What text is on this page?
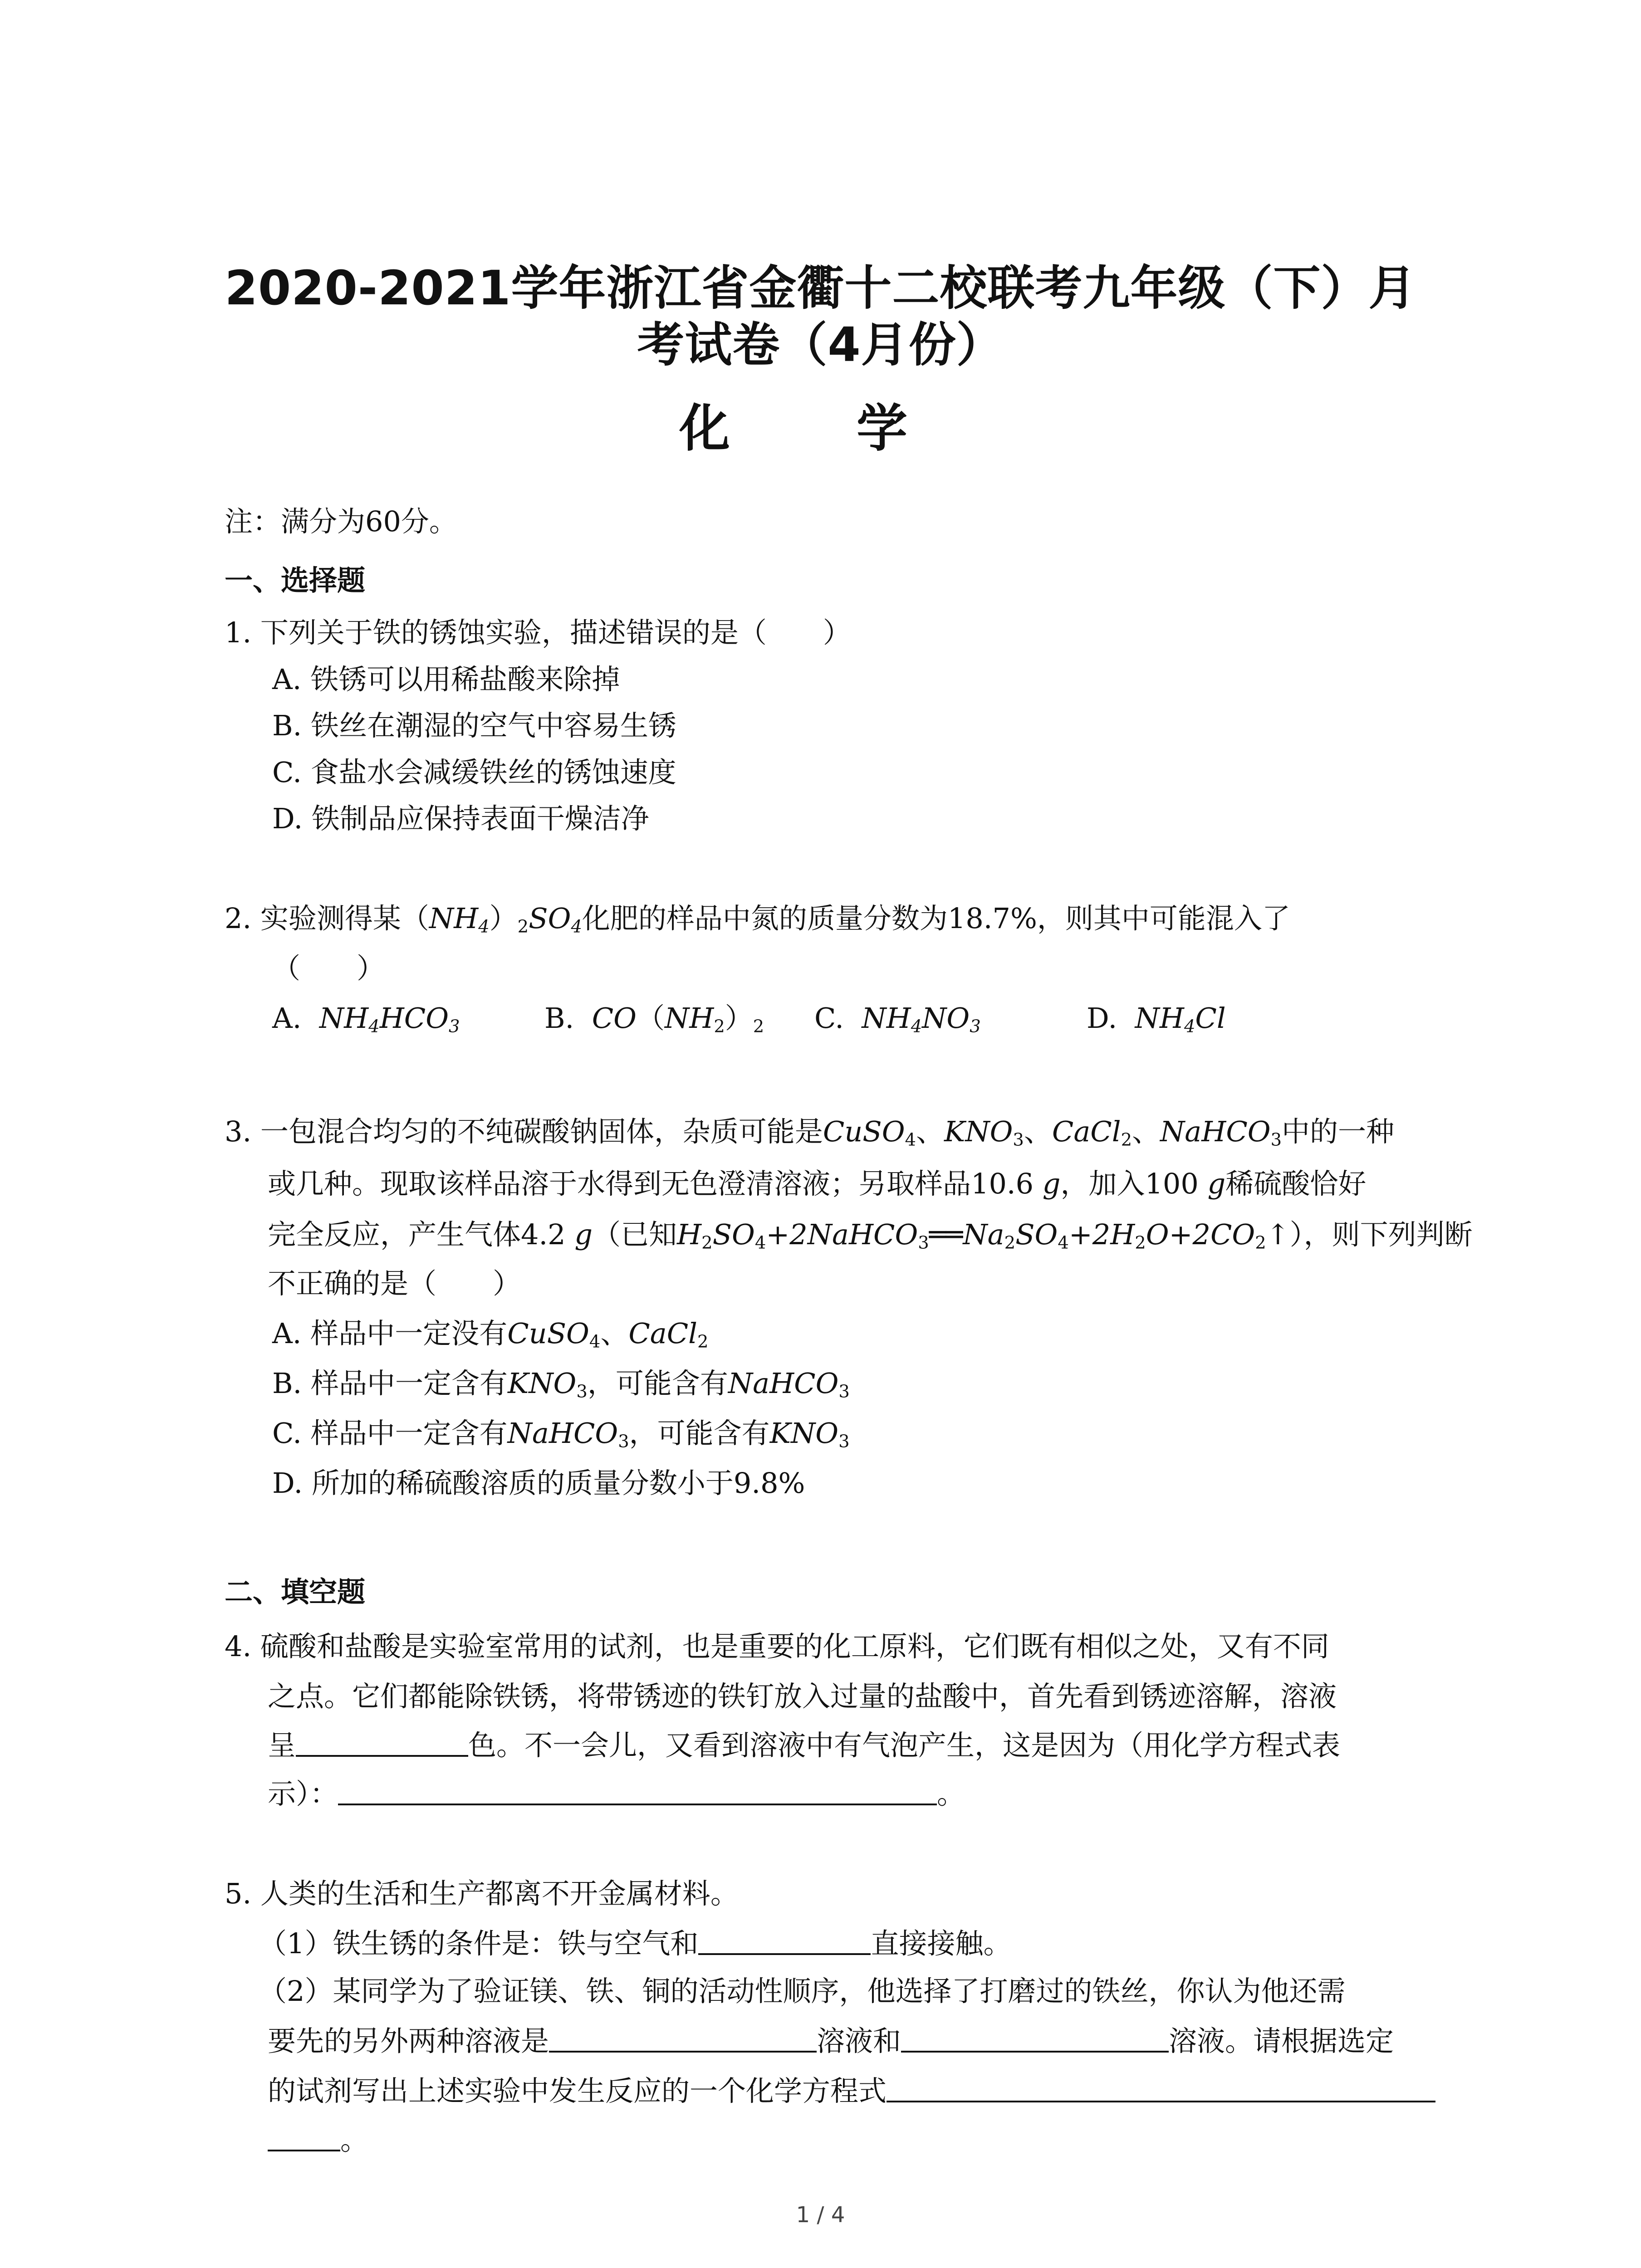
2020-2021学年浙江省金衢十二校联考九年级（下）月
考试卷（4月份）
化 学
注：满分为60分。
一、选择题
1. 下列关于铁的锈蚀实验，描述错误的是（　　）
A. 铁锈可以用稀盐酸来除掉
B. 铁丝在潮湿的空气中容易生锈
C. 食盐水会减缓铁丝的锈蚀速度
D. 铁制品应保持表面干燥洁净
2. 实验测得某$(NH_4)_2SO_4$化肥的样品中氮的质量分数为18.7%，则其中可能混入了
（　　）
A. $NH_4HCO_3$	B. $CO(NH_2)_2$ C. $NH_4NO_3$	D. $NH_4Cl$
3. 一包混合均匀的不纯碳酸钠固体，杂质可能是CuSO$_4$、$KNO_3$、CaCl$_2$、NaHCO$_3$中的一种
或几种。现取该样品溶于水得到无色澄清溶液；另取样品10.6 g，加入100 g稀硫酸恰好
完全反应，产生气体4.2 g（已知$H_2SO_4+2NaHCO_3══Na_2SO_4+2H_2O+2CO_2↑$），则下列判断
不正确的是（　　）
A. 样品中一定没有CuSO$_4$、CaCl$_2$
B. 样品中一定含有$KNO_3$，可能含有NaHCO$_3$
C. 样品中一定含有NaHCO$_3$，可能含有$KNO_3$
D. 所加的稀硫酸溶质的质量分数小于9.8%
二、填空题
4. 硫酸和盐酸是实验室常用的试剂，也是重要的化工原料，它们既有相似之处，又有不同
之点。它们都能除铁锈，将带锈迹的铁钉放入过量的盐酸中，首先看到锈迹溶解，溶液
呈	色。不一会儿，又看到溶液中有气泡产生，这是因为（用化学方程式表
示）：	。
5. 人类的生活和生产都离不开金属材料。
（1）铁生锈的条件是：铁与空气和	直接接触。
（2）某同学为了验证镁、铁、铜的活动性顺序，他选择了打磨过的铁丝，你认为他还需
要先的另外两种溶液是	溶液和	溶液。请根据选定
的试剂写出上述实验中发生反应的一个化学方程式
。
1 / 4
